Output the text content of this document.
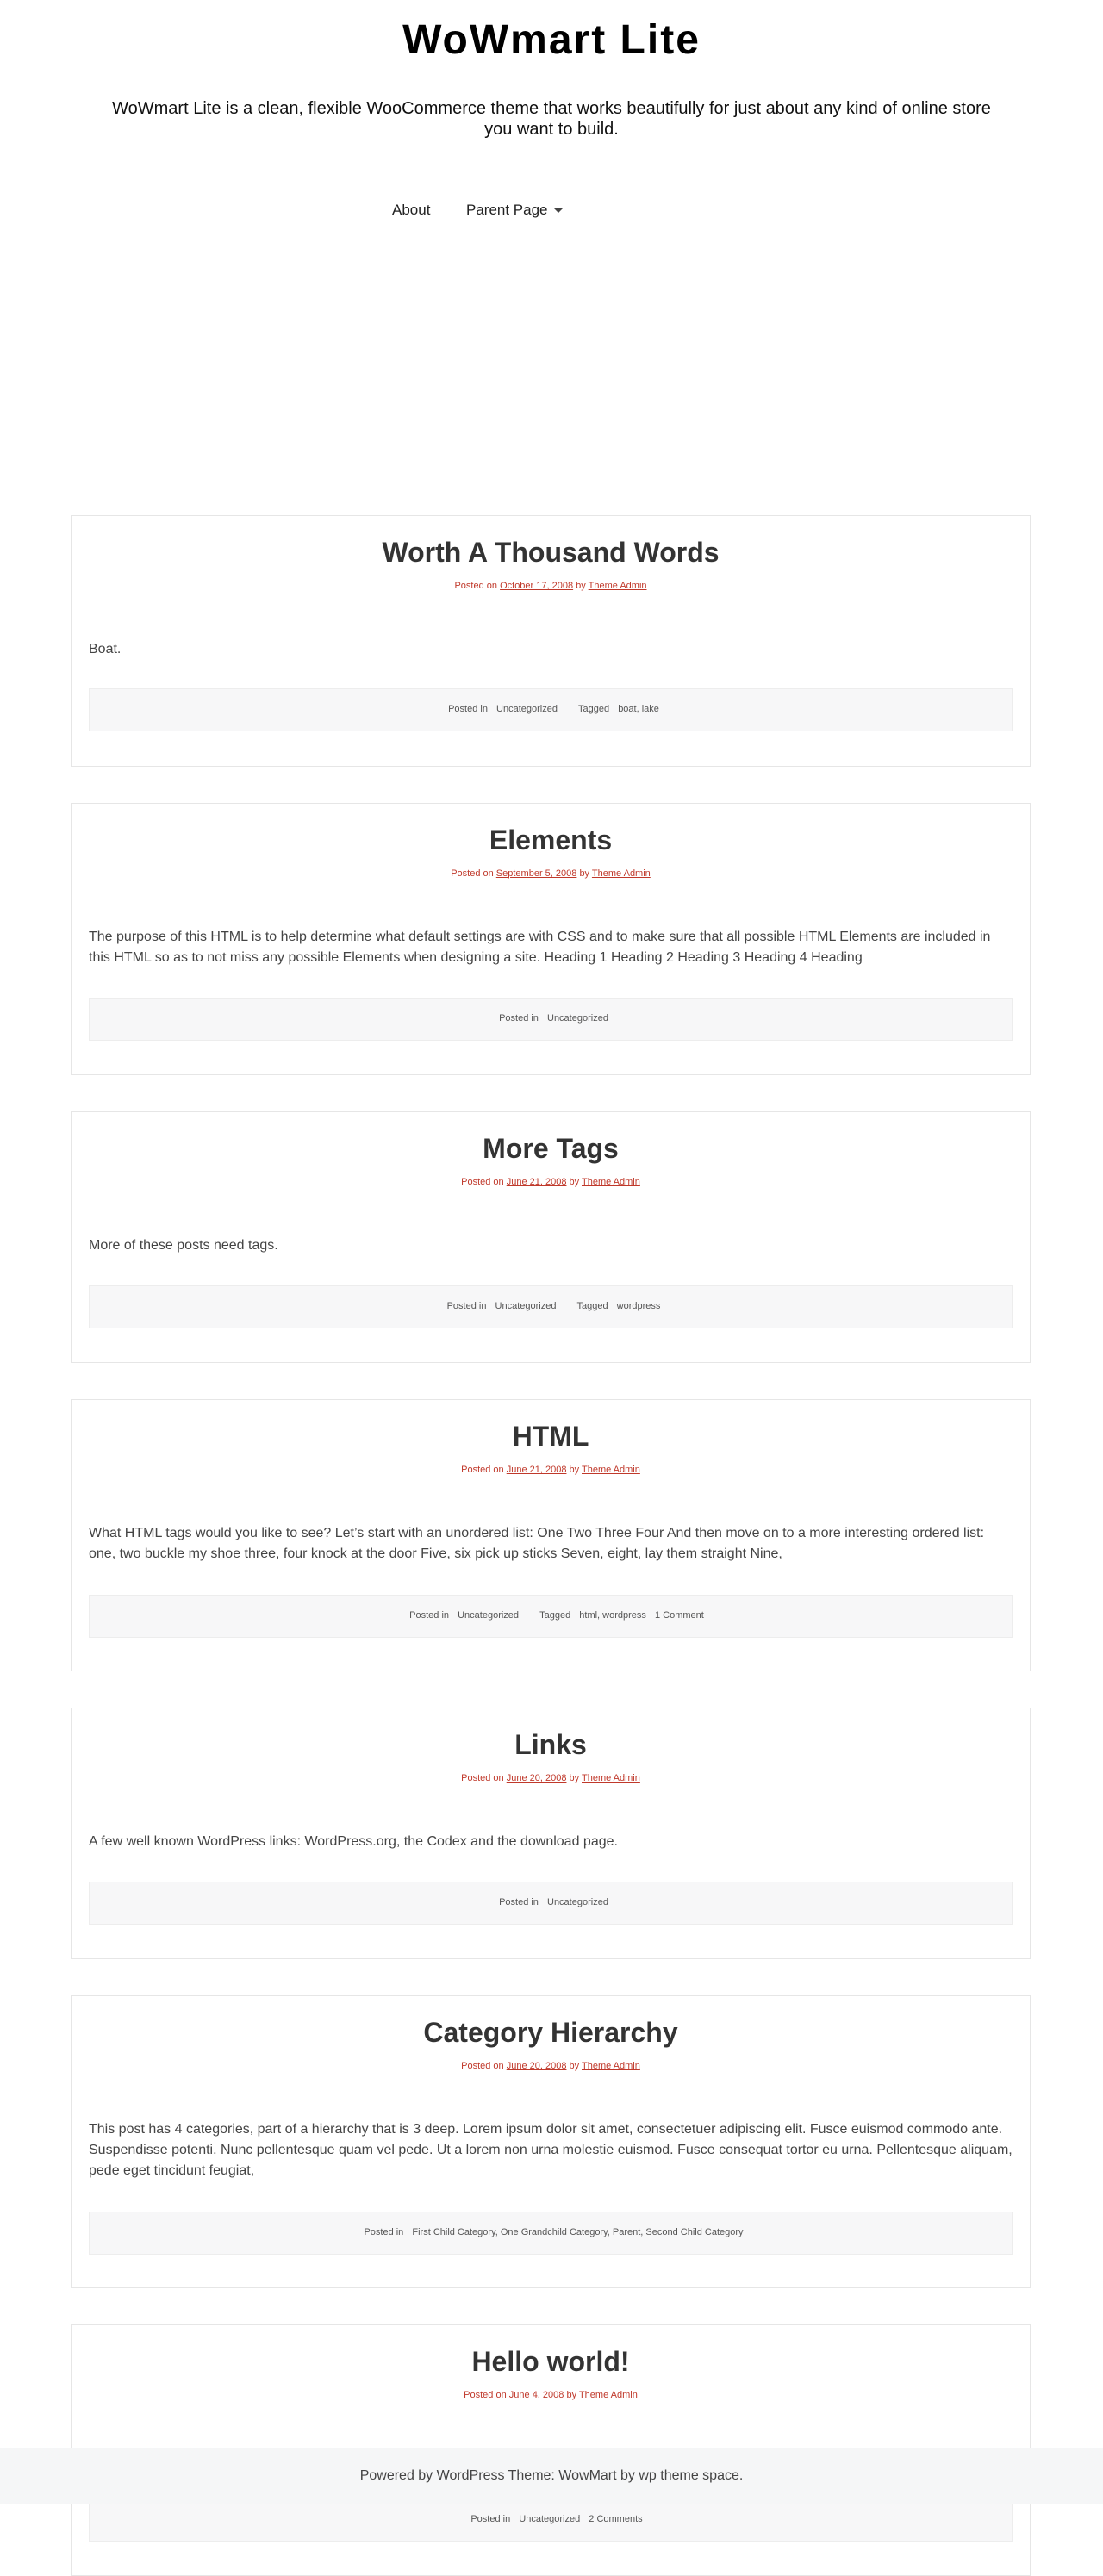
WoWmart Lite

WoWmart Lite is a clean, flexible WooCommerce theme that works beautifully for just about any kind of online store you want to build.

About Parent Page
Worth A Thousand Words
Posted on October 17, 2008 by Theme Admin

Boat.

Posted in Uncategorized Tagged boat, lake
Elements
Posted on September 5, 2008 by Theme Admin

The purpose of this HTML is to help determine what default settings are with CSS and to make sure that all possible HTML Elements are included in this HTML so as to not miss any possible Elements when designing a site. Heading 1 Heading 2 Heading 3 Heading 4 Heading

Posted in Uncategorized
More Tags
Posted on June 21, 2008 by Theme Admin

More of these posts need tags.

Posted in Uncategorized Tagged wordpress
HTML
Posted on June 21, 2008 by Theme Admin

What HTML tags would you like to see? Let’s start with an unordered list: One Two Three Four And then move on to a more interesting ordered list: one, two buckle my shoe three, four knock at the door Five, six pick up sticks Seven, eight, lay them straight Nine,

Posted in Uncategorized Tagged html, wordpress 1 Comment
Links
Posted on June 20, 2008 by Theme Admin

A few well known WordPress links: WordPress.org, the Codex and the download page.

Posted in Uncategorized
Category Hierarchy
Posted on June 20, 2008 by Theme Admin

This post has 4 categories, part of a hierarchy that is 3 deep. Lorem ipsum dolor sit amet, consectetuer adipiscing elit. Fusce euismod commodo ante. Suspendisse potenti. Nunc pellentesque quam vel pede. Ut a lorem non urna molestie euismod. Fusce consequat tortor eu urna. Pellentesque aliquam, pede eget tincidunt feugiat,

Posted in First Child Category, One Grandchild Category, Parent, Second Child Category
Hello world!
Posted on June 4, 2008 by Theme Admin

Posted in Uncategorized 2 Comments
Powered by WordPress Theme: WowMart by wp theme space.
